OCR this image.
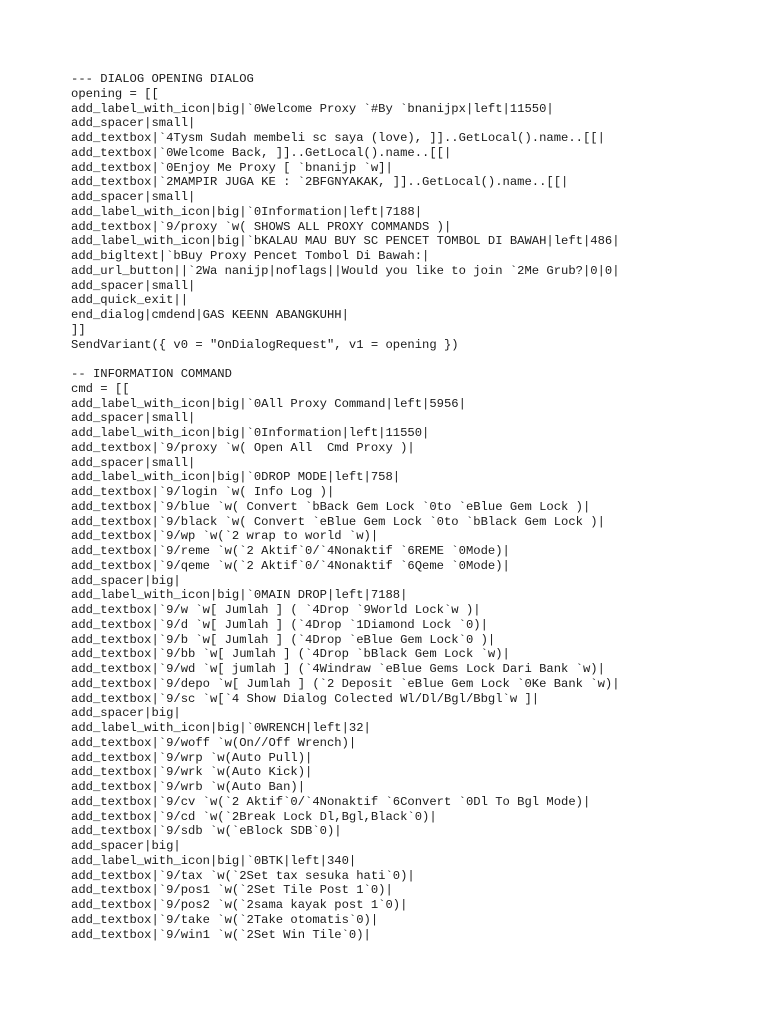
--- DIALOG OPENING DIALOG
opening = [[
add_label_with_icon|big|`0Welcome Proxy `#By `bnanijpx|left|11550|
add_spacer|small|
add_textbox|`4Tysm Sudah membeli sc saya (love), ]]..GetLocal().name..[[|
add_textbox|`0Welcome Back, ]]..GetLocal().name..[[|
add_textbox|`0Enjoy Me Proxy [ `bnanijp `w]|
add_textbox|`2MAMPIR JUGA KE : `2BFGNYAKAK, ]]..GetLocal().name..[[|
add_spacer|small|
add_label_with_icon|big|`0Information|left|7188|
add_textbox|`9/proxy `w( SHOWS ALL PROXY COMMANDS )|
add_label_with_icon|big|`bKALAU MAU BUY SC PENCET TOMBOL DI BAWAH|left|486|
add_bigltext|`bBuy Proxy Pencet Tombol Di Bawah:|
add_url_button||`2Wa nanijp|noflags||Would you like to join `2Me Grub?|0|0|
add_spacer|small|
add_quick_exit||
end_dialog|cmdend|GAS KEENN ABANGKUHH|
]]
SendVariant({ v0 = "OnDialogRequest", v1 = opening })
-- INFORMATION COMMAND
cmd = [[
add_label_with_icon|big|`0All Proxy Command|left|5956|
add_spacer|small|
add_label_with_icon|big|`0Information|left|11550|
add_textbox|`9/proxy `w( Open All  Cmd Proxy )|
add_spacer|small|
add_label_with_icon|big|`0DROP MODE|left|758|
add_textbox|`9/login `w( Info Log )|
add_textbox|`9/blue `w( Convert `bBack Gem Lock `0to `eBlue Gem Lock )|
add_textbox|`9/black `w( Convert `eBlue Gem Lock `0to `bBlack Gem Lock )|
add_textbox|`9/wp `w(`2 wrap to world `w)|
add_textbox|`9/reme `w(`2 Aktif`0/`4Nonaktif `6REME `0Mode)|
add_textbox|`9/qeme `w(`2 Aktif`0/`4Nonaktif `6Qeme `0Mode)|
add_spacer|big|
add_label_with_icon|big|`0MAIN DROP|left|7188|
add_textbox|`9/w `w[ Jumlah ] ( `4Drop `9World Lock`w )|
add_textbox|`9/d `w[ Jumlah ] (`4Drop `1Diamond Lock `0)|
add_textbox|`9/b `w[ Jumlah ] (`4Drop `eBlue Gem Lock`0 )|
add_textbox|`9/bb `w[ Jumlah ] (`4Drop `bBlack Gem Lock `w)|
add_textbox|`9/wd `w[ jumlah ] (`4Windraw `eBlue Gems Lock Dari Bank `w)|
add_textbox|`9/depo `w[ Jumlah ] (`2 Deposit `eBlue Gem Lock `0Ke Bank `w)|
add_textbox|`9/sc `w[`4 Show Dialog Colected Wl/Dl/Bgl/Bbgl`w ]|
add_spacer|big|
add_label_with_icon|big|`0WRENCH|left|32|
add_textbox|`9/woff `w(On//Off Wrench)|
add_textbox|`9/wrp `w(Auto Pull)|
add_textbox|`9/wrk `w(Auto Kick)|
add_textbox|`9/wrb `w(Auto Ban)|
add_textbox|`9/cv `w(`2 Aktif`0/`4Nonaktif `6Convert `0Dl To Bgl Mode)|
add_textbox|`9/cd `w(`2Break Lock Dl,Bgl,Black`0)|
add_textbox|`9/sdb `w(`eBlock SDB`0)|
add_spacer|big|
add_label_with_icon|big|`0BTK|left|340|
add_textbox|`9/tax `w(`2Set tax sesuka hati`0)|
add_textbox|`9/pos1 `w(`2Set Tile Post 1`0)|
add_textbox|`9/pos2 `w(`2sama kayak post 1`0)|
add_textbox|`9/take `w(`2Take otomatis`0)|
add_textbox|`9/win1 `w(`2Set Win Tile`0)|
